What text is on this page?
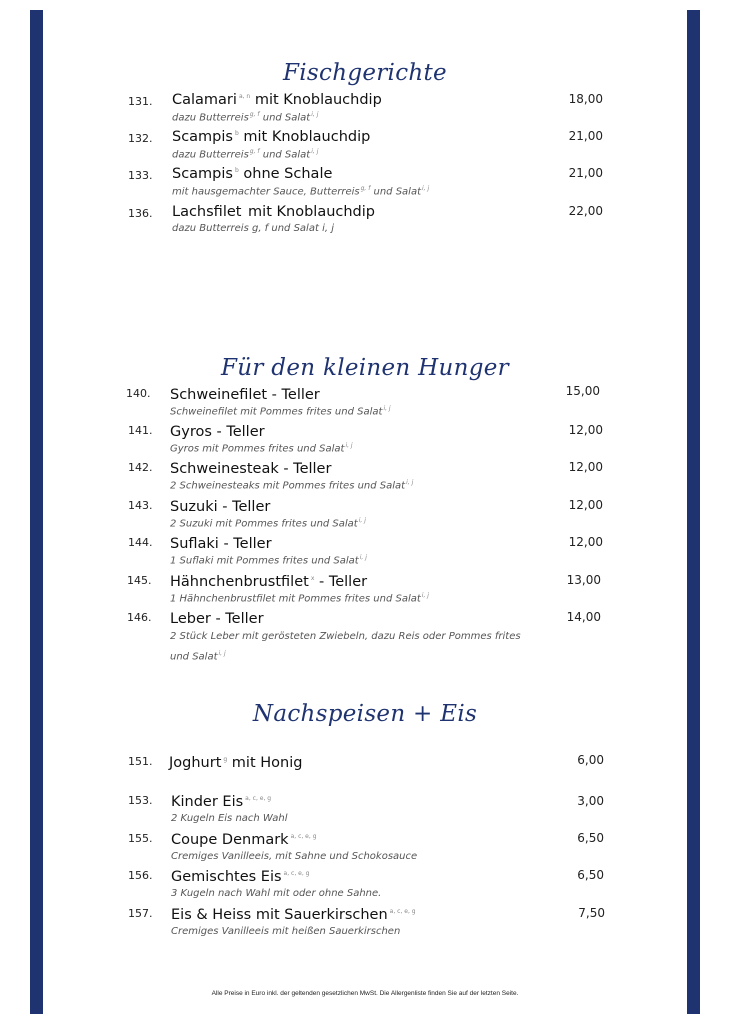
Fischgerichte
131. Calamari $^{a, n}$ mit Knoblauchdip
dazu Butterreis$^{g, f}$ und Salat$^{i, j}$
18,00
132. Scampis $^b$ mit Knoblauchdip
dazu Butterreis$^{g, f}$ und Salat$^{i, j}$
21,00
133. Scampis $^b$ ohne Schale
mit hausgemachter Sauce, Butterreis$^{g, f}$ und Salat$^{i, j}$
21,00
136. Lachsfilet mit Knoblauchdip
dazu Butterreis g, f und Salat i, j
22,00
Für den kleinen Hunger
140. Schweinefilet - Teller
Schweinefilet mit Pommes frites und Salat$^{i, j}$
15,00
141. Gyros - Teller
Gyros mit Pommes frites und Salat$^{i, j}$
12,00
142. Schweinesteak - Teller
2 Schweinesteaks mit Pommes frites und Salat$^{i, j}$
12,00
143. Suzuki - Teller
2 Suzuki mit Pommes frites und Salat$^{i, j}$
12,00
144. Suflaki - Teller
1 Suflaki mit Pommes frites und Salat$^{i, j}$
12,00
145. Hähnchenbrustfilet $^x$ - Teller
1 Hähnchenbrustfilet mit Pommes frites und Salat$^{i, j}$
13,00
146. Leber - Teller
2 Stück Leber mit gerösteten Zwiebeln, dazu Reis oder Pommes frites und Salat$^{i, j}$
14,00
Nachspeisen + Eis
151. Joghurt $^g$ mit Honig	6,00
153. Kinder Eis $^{a, c, e, g}$
2 Kugeln Eis nach Wahl
3,00
155. Coupe Denmark $^{a, c, e, g}$
Cremiges Vanilleeis, mit Sahne und Schokosauce
6,50
156. Gemischtes Eis $^{a, c, e, g}$
3 Kugeln nach Wahl mit oder ohne Sahne.
6,50
157. Eis & Heiss mit Sauerkirschen $^{a, c, e, g}$
Cremiges Vanilleeis mit heißen Sauerkirschen
7,50
Alle Preise in Euro inkl. der geltenden gesetzlichen MwSt. Die Allergenliste finden Sie auf der letzten Seite.
